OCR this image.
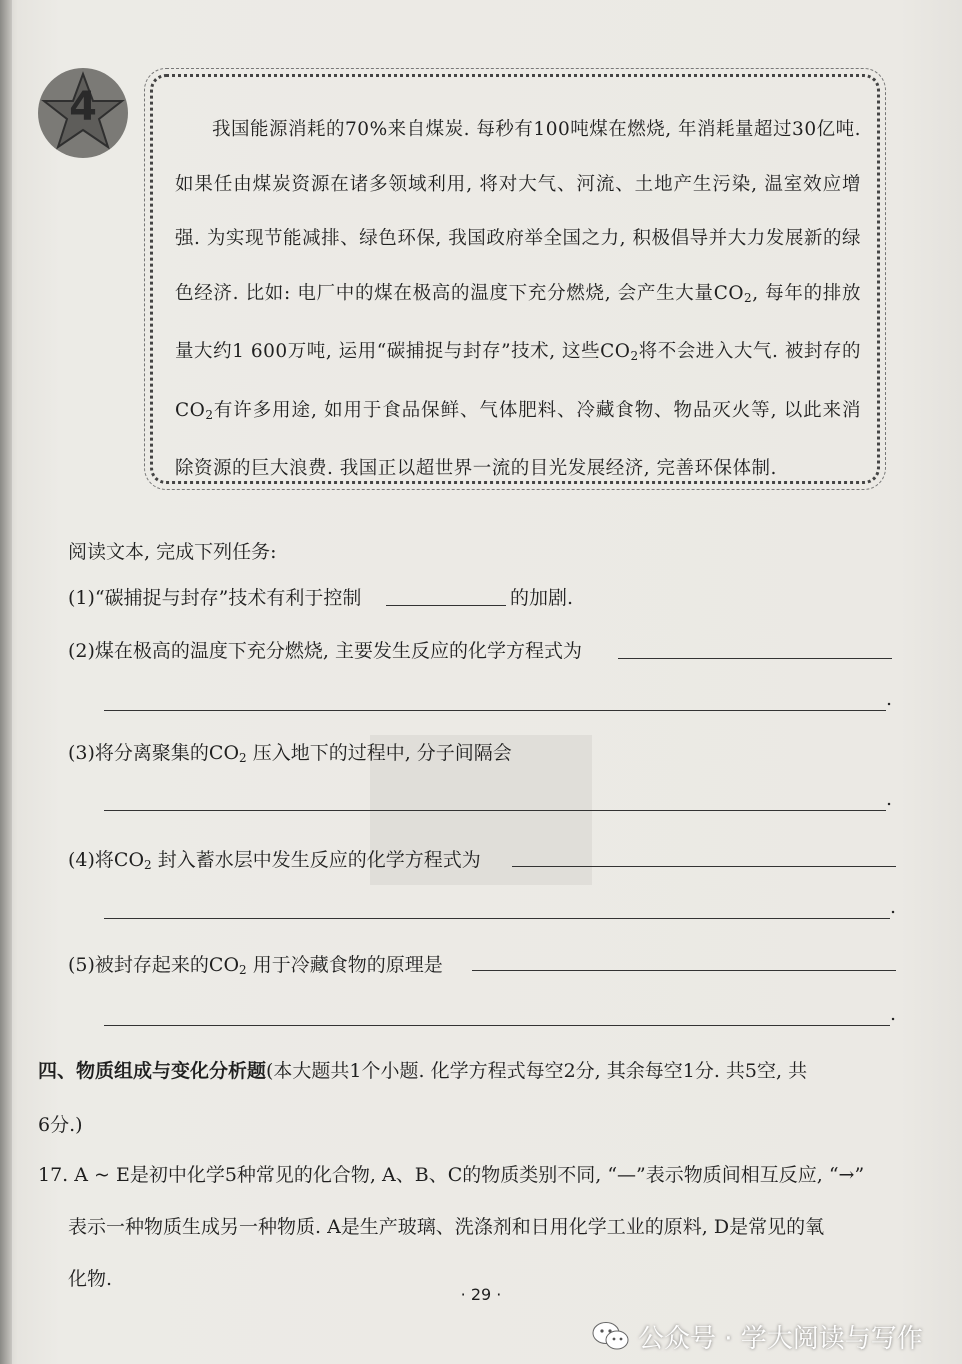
4	我国能源消耗的70%来自煤炭. 每秒有100吨煤在燃烧, 年消耗量超过30亿吨. 如果任由煤炭资源在诸多领域利用, 将对大气、河流、土地产生污染, 温室效应增强. 为实现节能减排、绿色环保, 我国政府举全国之力, 积极倡导并大力发展新的绿色经济. 比如: 电厂中的煤在极高的温度下充分燃烧, 会产生大量$CO_2$, 每年的排放量大约1 600万吨, 运用“碳捕捉与封存”技术, 这些$CO_2$将不会进入大气. 被封存的$CO_2$有许多用途, 如用于食品保鲜、气体肥料、冷藏食物、物品灭火等, 以此来消除资源的巨大浪费. 我国正以超世界一流的目光发展经济, 完善环保体制.
阅读文本, 完成下列任务:
(1)“碳捕捉与封存”技术有利于控制	的加剧.
(2)煤在极高的温度下充分燃烧, 主要发生反应的化学方程式为
.
(3)将分离聚集的$CO_2$ 压入地下的过程中, 分子间隔会
.
(4)将$CO_2$ 封入蓄水层中发生反应的化学方程式为
.
(5)被封存起来的$CO_2$ 用于冷藏食物的原理是
.
四、物质组成与变化分析题(本大题共1个小题. 化学方程式每空2分, 其余每空1分. 共5空, 共
6分.)
17. A ~ E是初中化学5种常见的化合物, A、B、C的物质类别不同, “—”表示物质间相互反应, “→”
表示一种物质生成另一种物质. A是生产玻璃、洗涤剂和日用化学工业的原料, D是常见的氧
化物.
· 29 ·
公众号 · 学大阅读与写作
